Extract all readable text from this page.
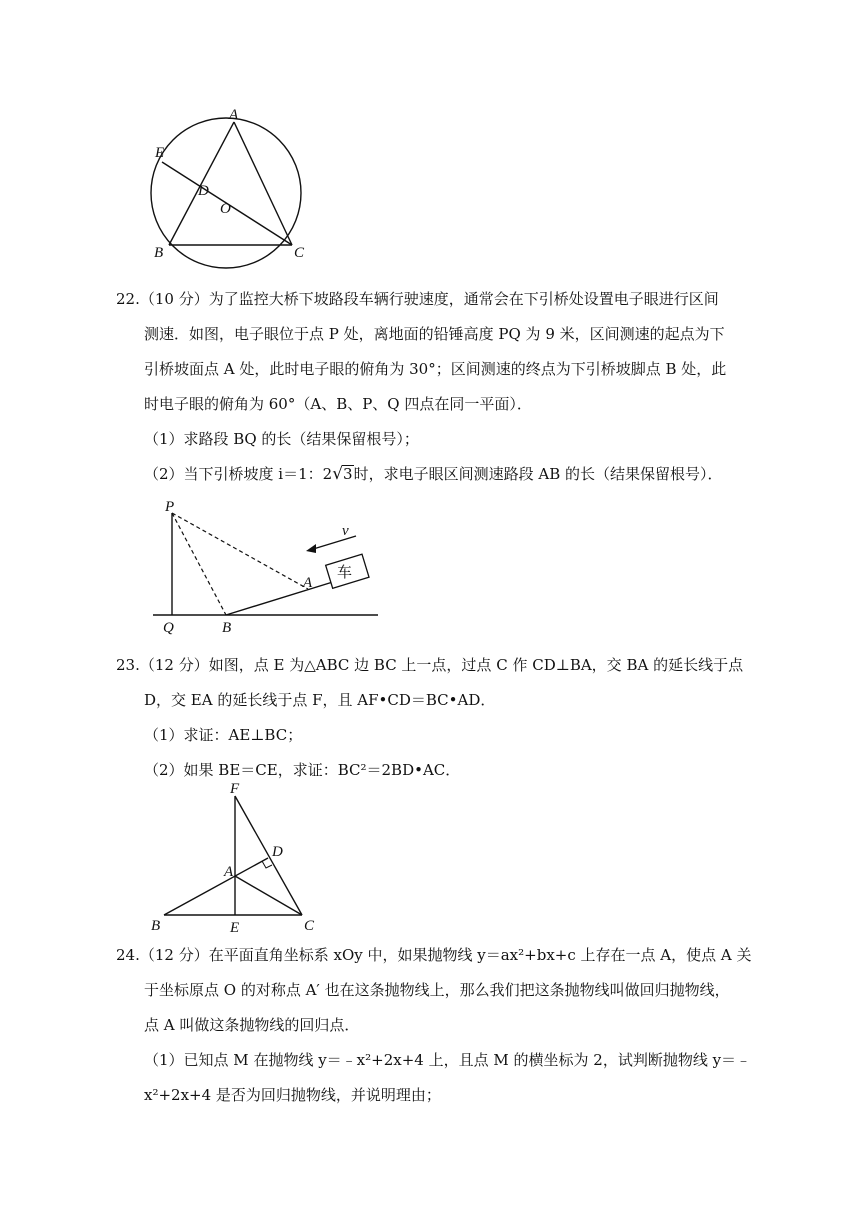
A
E
D
O
B	C
22.（10 分）为了监控大桥下坡路段车辆行驶速度，通常会在下引桥处设置电子眼进行区间
测速．如图，电子眼位于点 P 处，离地面的铅锤高度 PQ 为 9 米，区间测速的起点为下
引桥坡面点 A 处，此时电子眼的俯角为 30°；区间测速的终点为下引桥坡脚点 B 处，此
时电子眼的俯角为 60°（A、B、P、Q 四点在同一平面）．
（1）求路段 BQ 的长（结果保留根号）；
（2）当下引桥坡度 i＝1：2√3时，求电子眼区间测速路段 AB 的长（结果保留根号）．
车
v
P
Q	B
A
23.（12 分）如图，点 E 为△ABC 边 BC 上一点，过点 C 作 CD⊥BA，交 BA 的延长线于点
D，交 EA 的延长线于点 F，且 AF•CD＝BC•AD．
（1）求证：AE⊥BC；
（2）如果 BE＝CE，求证：BC²＝2BD•AC．
F
D
A
B	E	C
24.（12 分）在平面直角坐标系 xOy 中，如果抛物线 y＝ax²+bx+c 上存在一点 A，使点 A 关
于坐标原点 O 的对称点 A′ 也在这条抛物线上，那么我们把这条抛物线叫做回归抛物线，
点 A 叫做这条抛物线的回归点．
（1）已知点 M 在抛物线 y＝﹣x²+2x+4 上，且点 M 的横坐标为 2，试判断抛物线 y＝﹣
x²+2x+4 是否为回归抛物线，并说明理由；
